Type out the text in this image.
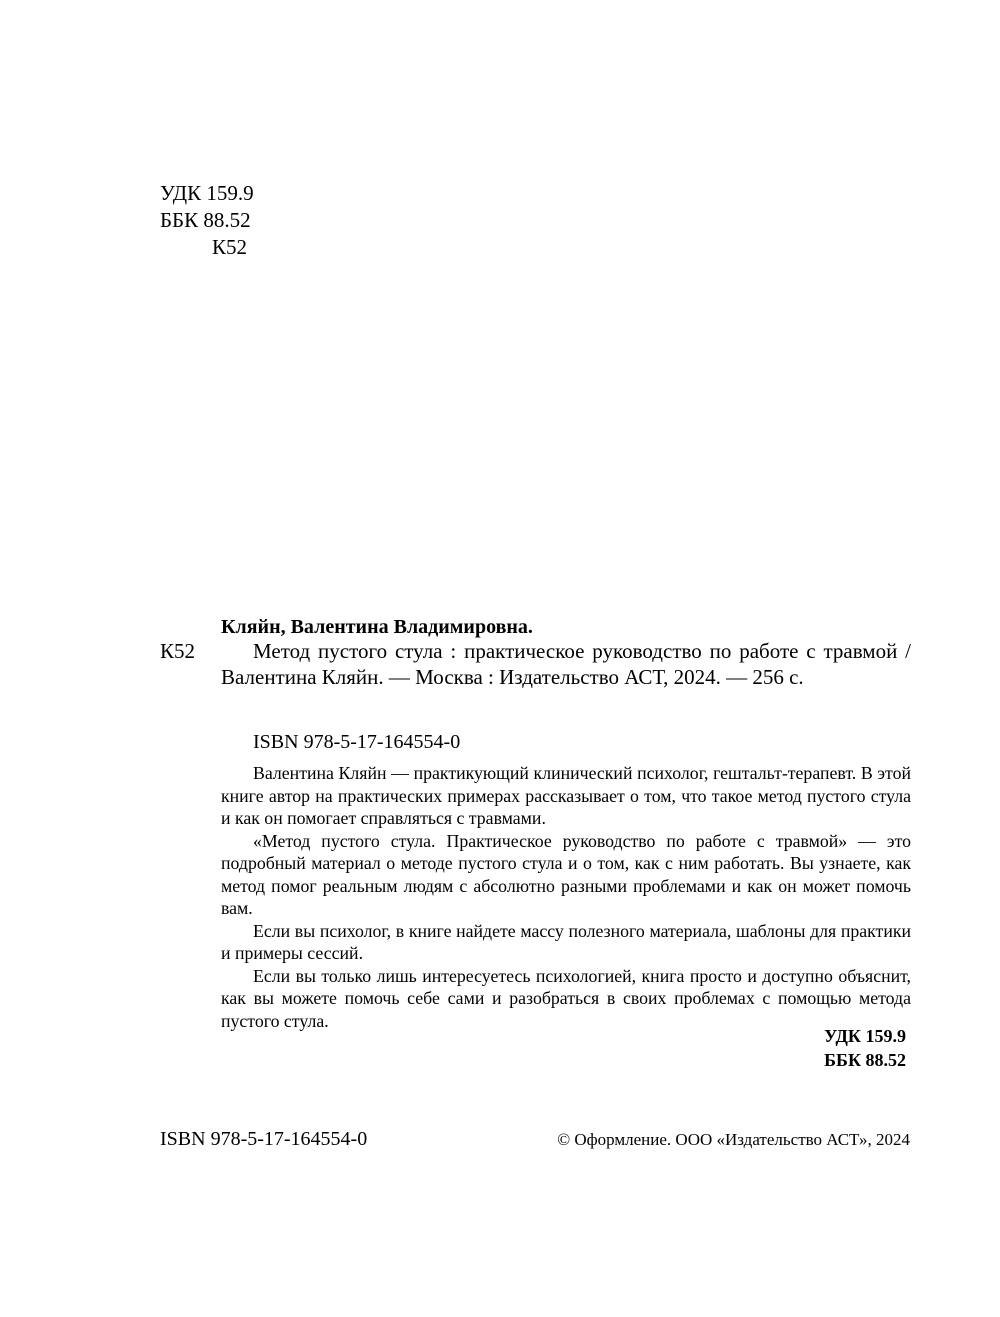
УДК 159.9
ББК 88.52
К52
Кляйн, Валентина Владимировна.
К52	Метод пустого стула : практическое руководство по работе с травмой / Валентина Кляйн. — Москва : Издательство АСТ, 2024. — 256 с.
ISBN 978-5-17-164554-0

Валентина Кляйн — практикующий клинический психолог, гештальт-терапевт. В этой книге автор на практических примерах рассказывает о том, что такое метод пустого стула и как он помогает справляться с травмами.

«Метод пустого стула. Практическое руководство по работе с травмой» — это подробный материал о методе пустого стула и о том, как с ним работать. Вы узнаете, как метод помог реальным людям с абсолютно разными проблемами и как он может помочь вам.

Если вы психолог, в книге найдете массу полезного материала, шаблоны для практики и примеры сессий.

Если вы только лишь интересуетесь психологией, книга просто и доступно объяснит, как вы можете помочь себе сами и разобраться в своих проблемах с помощью метода пустого стула.

УДК 159.9
ББК 88.52
ISBN 978-5-17-164554-0	© Оформление. ООО «Издательство АСТ», 2024
